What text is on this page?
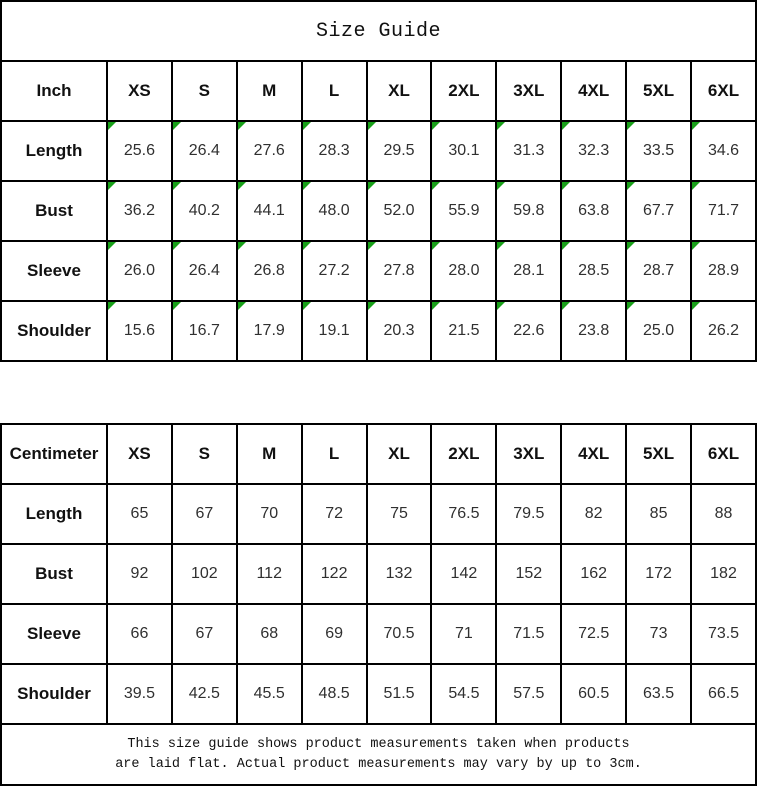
Size Guide
Inch	XS	S	M	L	XL	2XL	3XL	4XL	5XL	6XL
Length	25.6	26.4	27.6	28.3	29.5	30.1	31.3	32.3	33.5	34.6
Bust	36.2	40.2	44.1	48.0	52.0	55.9	59.8	63.8	67.7	71.7
Sleeve	26.0	26.4	26.8	27.2	27.8	28.0	28.1	28.5	28.7	28.9
Shoulder	15.6	16.7	17.9	19.1	20.3	21.5	22.6	23.8	25.0	26.2
Centimeter	XS	S	M	L	XL	2XL	3XL	4XL	5XL	6XL
Length	65	67	70	72	75	76.5	79.5	82	85	88
Bust	92	102	112	122	132	142	152	162	172	182
Sleeve	66	67	68	69	70.5	71	71.5	72.5	73	73.5
Shoulder	39.5	42.5	45.5	48.5	51.5	54.5	57.5	60.5	63.5	66.5
This size guide shows product measurements taken when products
are laid flat. Actual product measurements may vary by up to 3cm.
